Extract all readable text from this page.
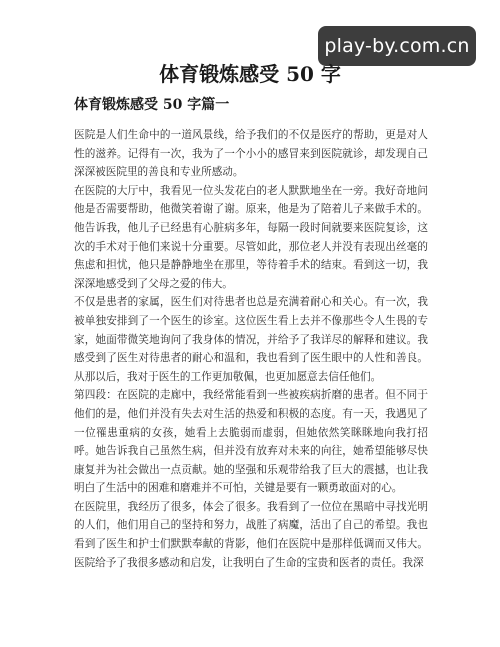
play-by.com.cn
体育锻炼感受 50 字
体育锻炼感受 50 字篇一

医院是人们生命中的一道风景线，给予我们的不仅是医疗的帮助，更是对人性的滋养。记得有一次，我为了一个小小的感冒来到医院就诊，却发现自己深深被医院里的善良和专业所感动。

在医院的大厅中，我看见一位头发花白的老人默默地坐在一旁。我好奇地问他是否需要帮助，他微笑着谢了谢。原来，他是为了陪着儿子来做手术的。他告诉我，他儿子已经患有心脏病多年，每隔一段时间就要来医院复诊，这次的手术对于他们来说十分重要。尽管如此，那位老人并没有表现出丝毫的焦虑和担忧，他只是静静地坐在那里，等待着手术的结束。看到这一切，我深深地感受到了父母之爱的伟大。

不仅是患者的家属，医生们对待患者也总是充满着耐心和关心。有一次，我被单独安排到了一个医生的诊室。这位医生看上去并不像那些令人生畏的专家，她面带微笑地询问了我身体的情况，并给予了我详尽的解释和建议。我感受到了医生对待患者的耐心和温和，我也看到了医生眼中的人性和善良。从那以后，我对于医生的工作更加敬佩，也更加愿意去信任他们。

第四段：在医院的走廊中，我经常能看到一些被疾病折磨的患者。但不同于他们的是，他们并没有失去对生活的热爱和积极的态度。有一天，我遇见了一位罹患重病的女孩，她看上去脆弱而虚弱，但她依然笑眯眯地向我打招呼。她告诉我自己虽然生病，但并没有放弃对未来的向往，她希望能够尽快康复并为社会做出一点贡献。她的坚强和乐观带给我了巨大的震撼，也让我明白了生活中的困难和磨难并不可怕，关键是要有一颗勇敢面对的心。

在医院里，我经历了很多，体会了很多。我看到了一位位在黑暗中寻找光明的人们，他们用自己的坚持和努力，战胜了病魔，活出了自己的希望。我也看到了医生和护士们默默奉献的背影，他们在医院中是那样低调而又伟大。医院给予了我很多感动和启发，让我明白了生命的宝贵和医者的责任。我深
